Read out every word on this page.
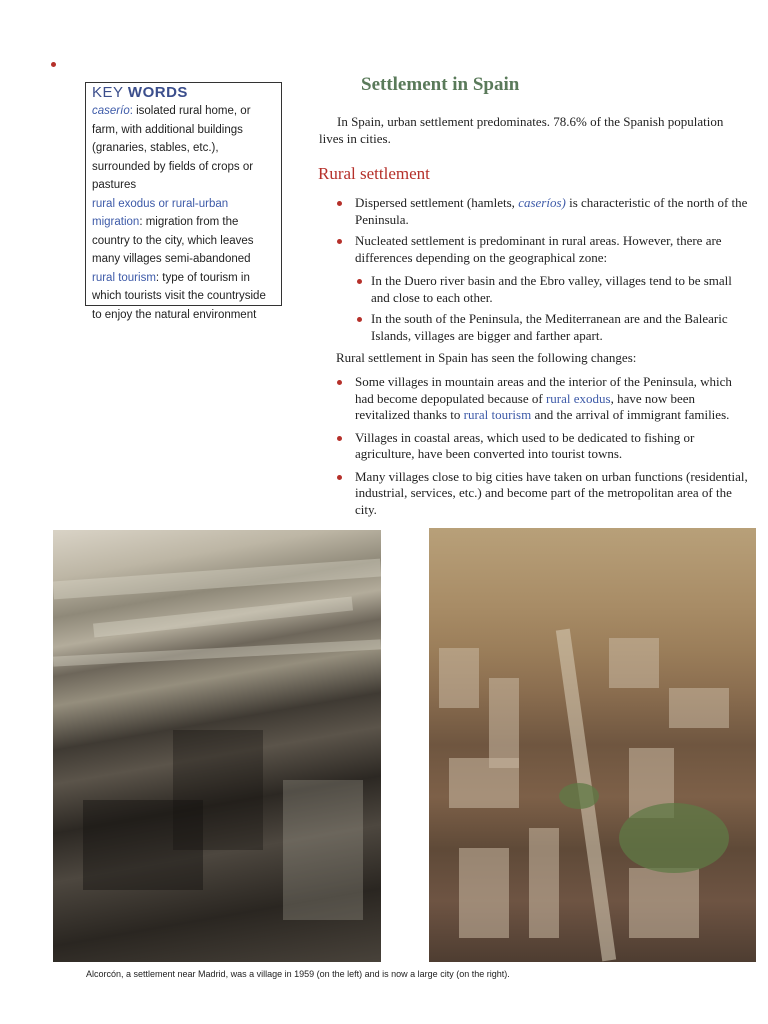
KEY WORDS

caserío: isolated rural home, or farm, with additional buildings (granaries, stables, etc.), surrounded by fields of crops or pastures

rural exodus or rural-urban migration: migration from the country to the city, which leaves many villages semi-abandoned

rural tourism: type of tourism in which tourists visit the countryside to enjoy the natural environment

Settlement in Spain
In Spain, urban settlement predominates. 78.6% of the Spanish population lives in cities.
Rural settlement
Dispersed settlement (hamlets, caseríos) is characteristic of the north of the Peninsula.
Nucleated settlement is predominant in rural areas. However, there are differences depending on the geographical zone:
In the Duero river basin and the Ebro valley, villages tend to be small and close to each other.
In the south of the Peninsula, the Mediterranean are and the Balearic Islands, villages are bigger and farther apart.
Rural settlement in Spain has seen the following changes:
Some villages in mountain areas and the interior of the Peninsula, which had become depopulated because of rural exodus, have now been revitalized thanks to rural tourism and the arrival of immigrant families.
Villages in coastal areas, which used to be dedicated to fishing or agriculture, have been converted into tourist towns.
Many villages close to big cities have taken on urban functions (residential, industrial, services, etc.) and become part of the metropolitan area of the city.
Alcorcón, a settlement near Madrid, was a village in 1959 (on the left) and is now a large city (on the right).
